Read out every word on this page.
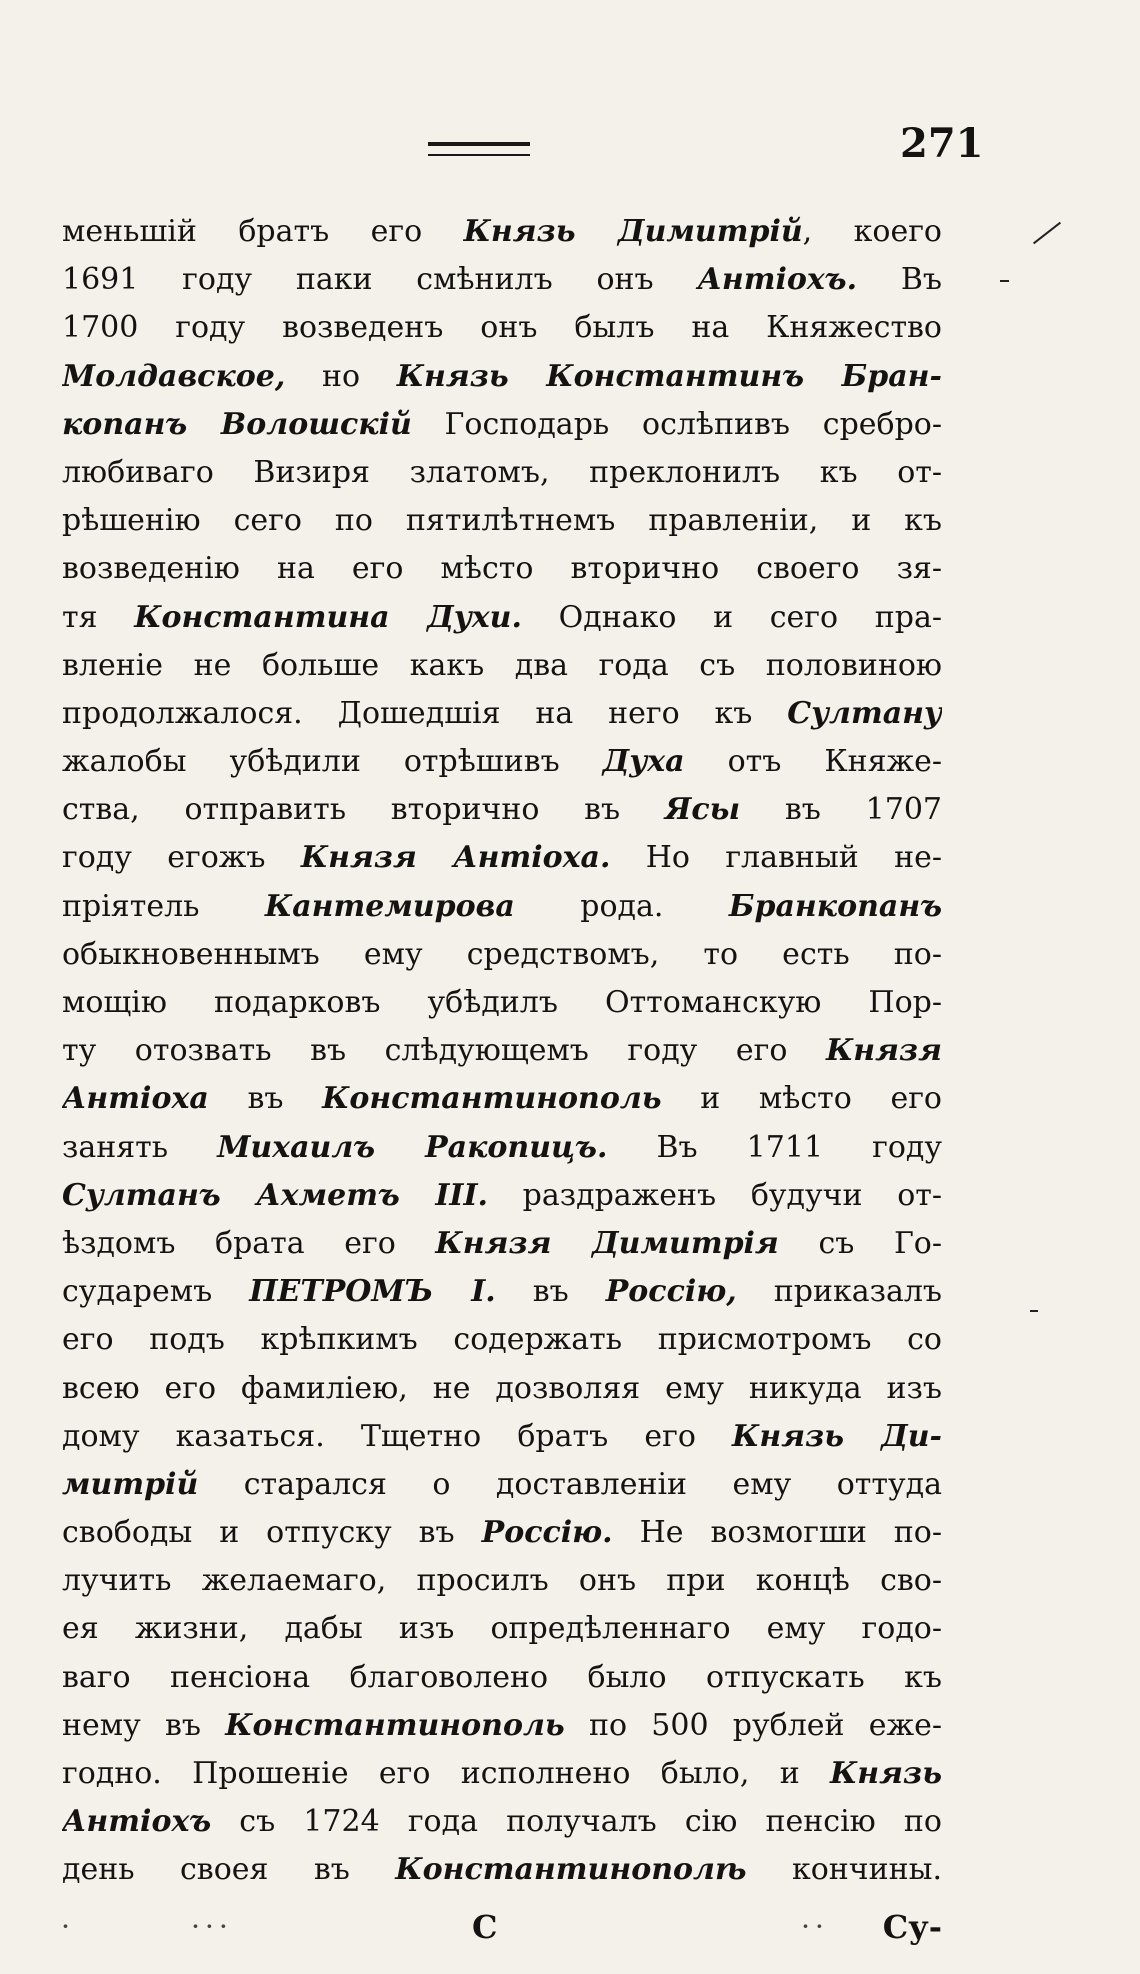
271
меньшій братъ его Князь Димитрій, коего
1691 году паки смѣнилъ онъ Антіохъ. Въ
1700 году возведенъ онъ былъ на Княжество
Молдавское, но Князь Константинъ Бран-
копанъ Волошскій Господарь ослѣпивъ сребро-
любиваго Визиря златомъ, преклонилъ къ от-
рѣшенію сего по пятилѣтнемъ правленіи, и къ
возведенію на его мѣсто вторично своего зя-
тя Константина Духи. Однако и сего пра-
вленіе не больше какъ два года съ половиною
продолжалося. Дошедшія на него къ Султану
жалобы убѣдили отрѣшивъ Духа отъ Княже-
ства, отправить вторично въ Ясы въ 1707
году егожъ Князя Антіоха. Но главный не-
пріятель Кантемирова рода. Бранкопанъ
обыкновеннымъ ему средствомъ, то есть по-
мощію подарковъ убѣдилъ Оттоманскую Пор-
ту отозвать въ слѣдующемъ году его Князя
Антіоха въ Константинополь и мѣсто его
занять Михаилъ Ракопицъ. Въ 1711 году
Султанъ Ахметъ III. раздраженъ будучи от-
ѣздомъ брата его Князя Димитрія съ Го-
сударемъ ПЕТРОМЪ I. въ Россію, приказалъ
его подъ крѣпкимъ содержать присмотромъ со
всею его фамиліею, не дозволяя ему никуда изъ
дому казаться. Тщетно братъ его Князь Ди-
митрій старался о доставленіи ему оттуда
свободы и отпуску въ Россію. Не возмогши по-
лучить желаемаго, просилъ онъ при концѣ сво-
ея жизни, дабы изъ опредѣленнаго ему годо-
ваго пенсіона благоволено было отпускать къ
нему въ Константинополь по 500 рублей еже-
годно. Прошеніе его исполнено было, и Князь
Антіохъ съ 1724 года получалъ сію пенсію по
день своея въ Константинополѣ кончины.
·	· · ·	С	· · Су-
